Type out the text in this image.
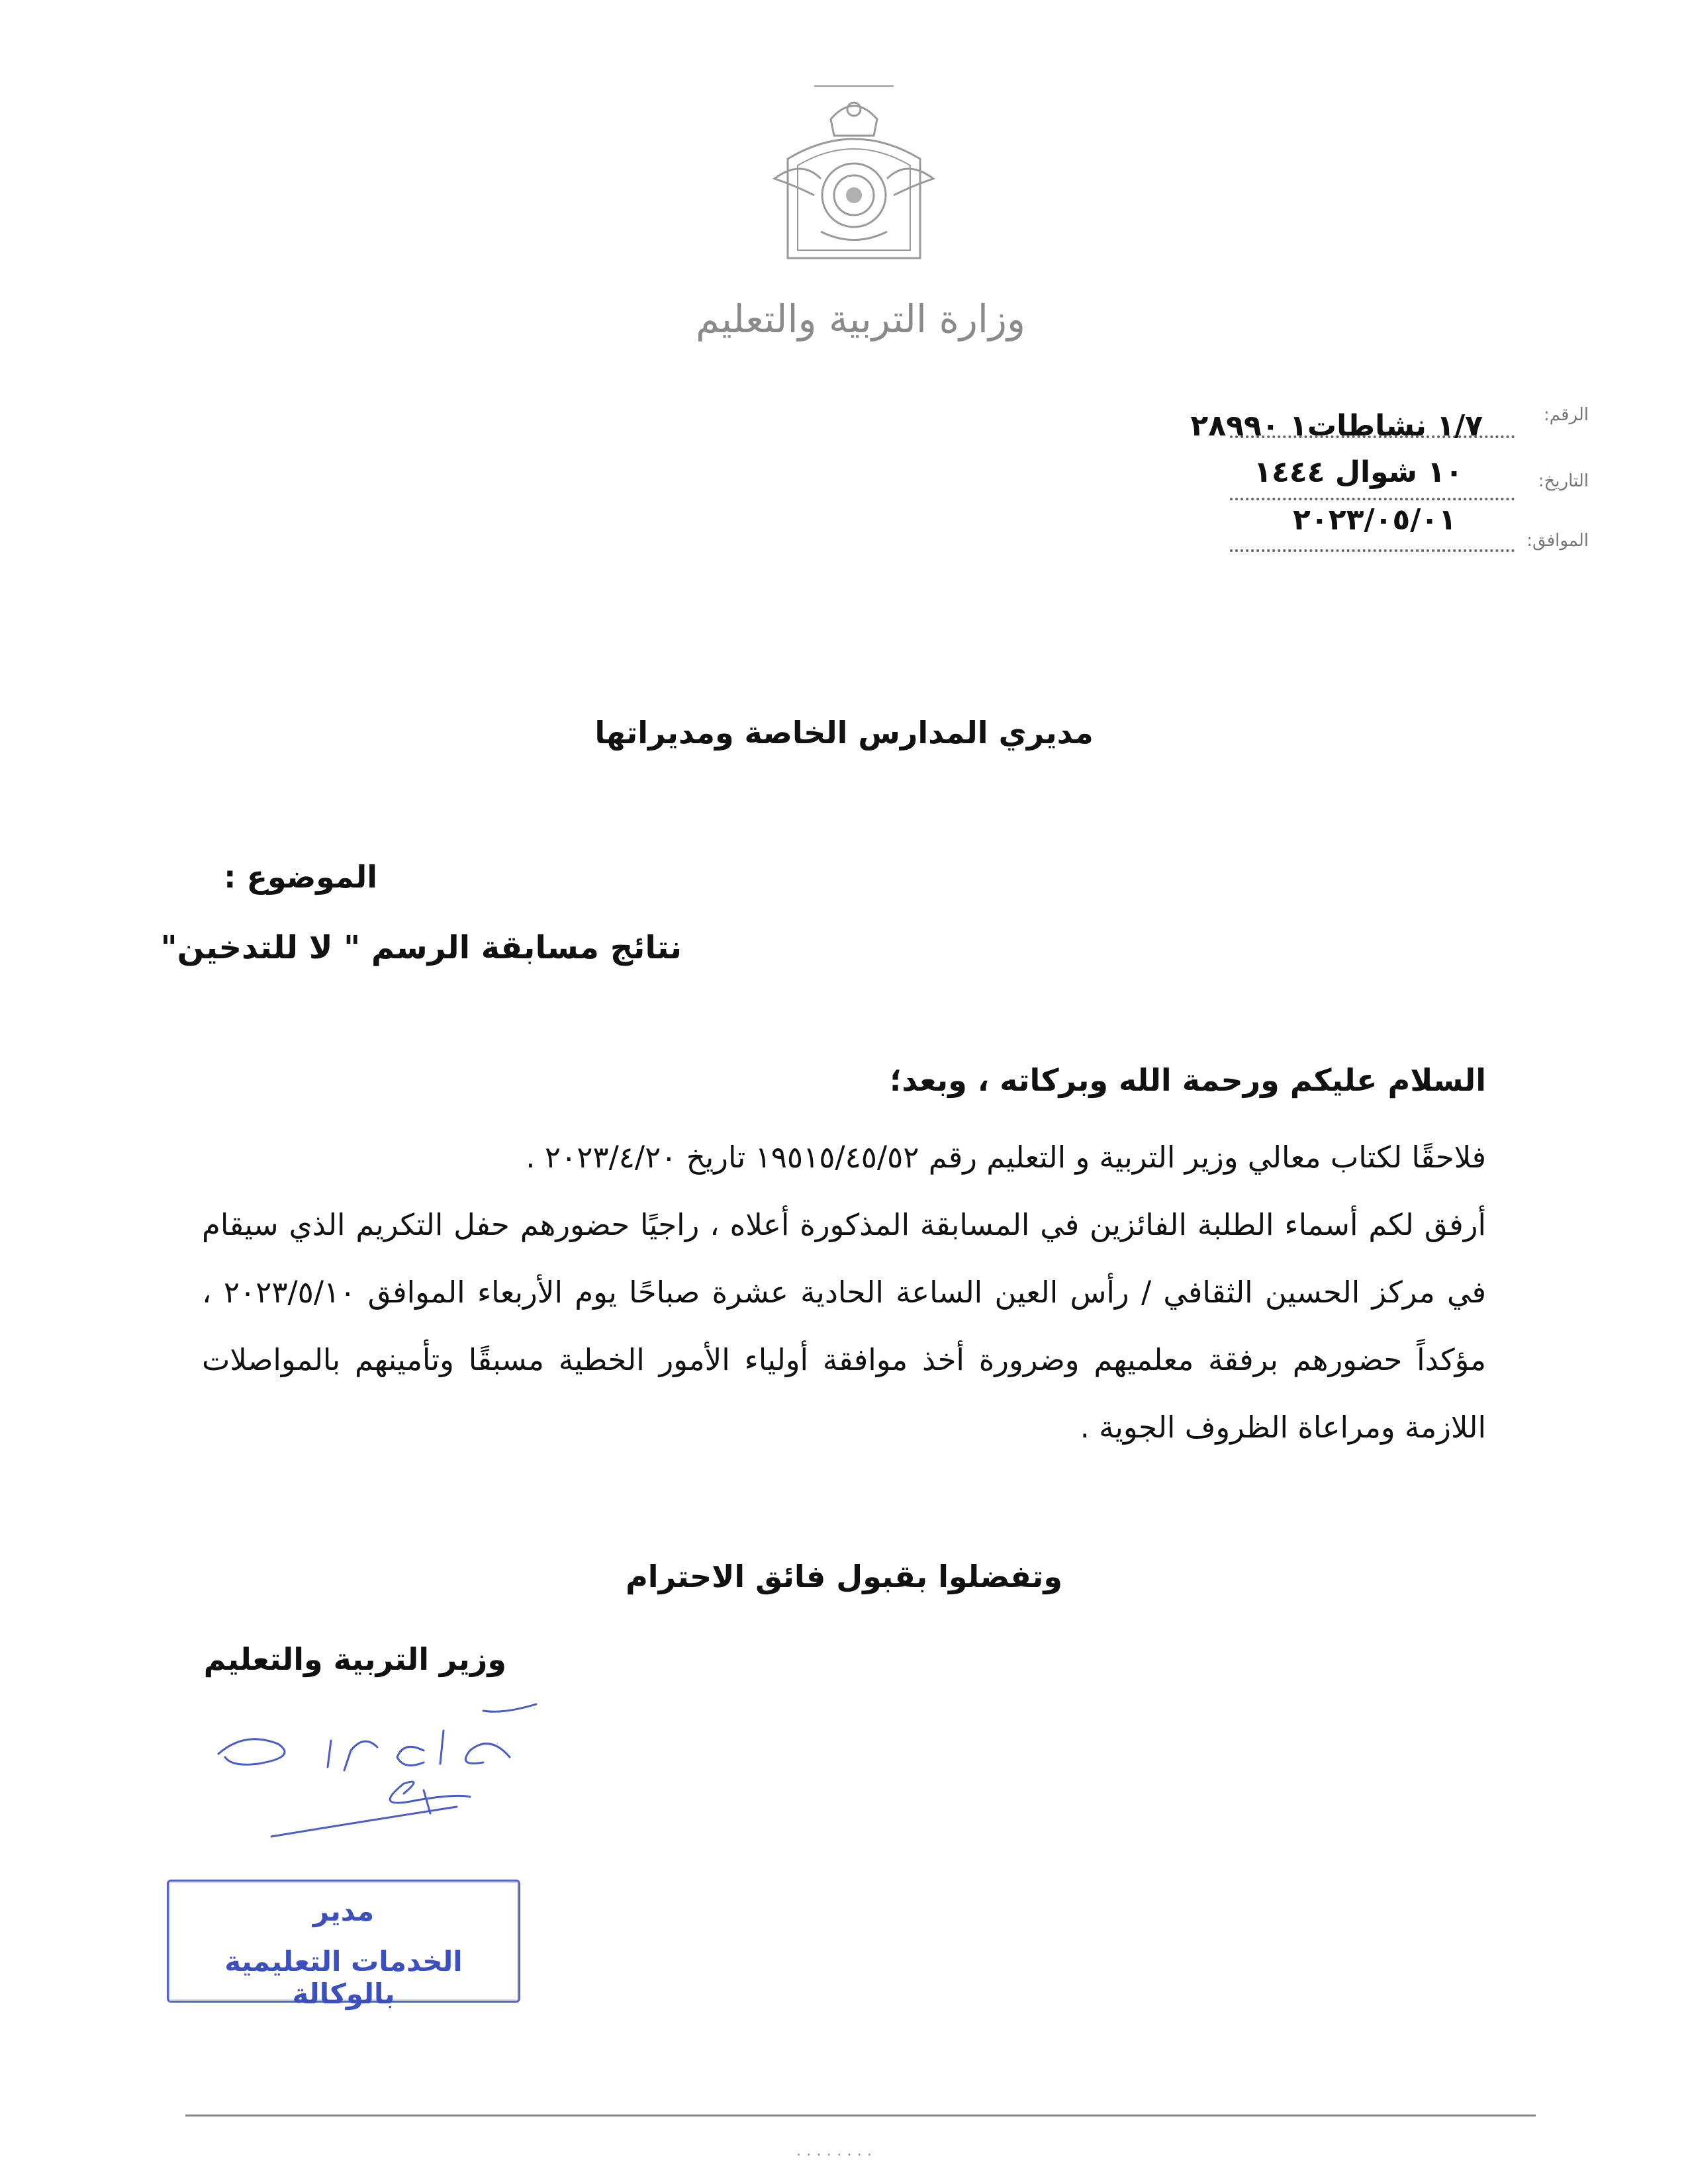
وزارة التربية والتعليم
الرقم:
١/٧ نشاطات١ ٢٨٩٩٠
التاريخ:
١٠ شوال ١٤٤٤
الموافق:
٢٠٢٣/٠٥/٠١
مديري المدارس الخاصة ومديراتها
الموضوع :
نتائج مسابقة الرسم " لا للتدخين"
السلام عليكم ورحمة الله وبركاته ، وبعد؛
فلاحقًا لكتاب معالي وزير التربية و التعليم رقم ١٩٥١٥/٤٥/٥٢ تاريخ ٢٠٢٣/٤/٢٠ .
أرفق لكم أسماء الطلبة الفائزين في المسابقة المذكورة أعلاه ، راجيًا حضورهم حفل التكريم الذي سيقام في مركز الحسين الثقافي / رأس العين الساعة الحادية عشرة صباحًا يوم الأربعاء الموافق ٢٠٢٣/٥/١٠ ، مؤكداً حضورهم برفقة معلميهم وضرورة أخذ موافقة أولياء الأمور الخطية مسبقًا وتأمينهم بالمواصلات اللازمة ومراعاة الظروف الجوية .
وتفضلوا بقبول فائق الاحترام
وزير التربية والتعليم
مدير
الخدمات التعليمية بالوكالة
· · · · · · · ·
